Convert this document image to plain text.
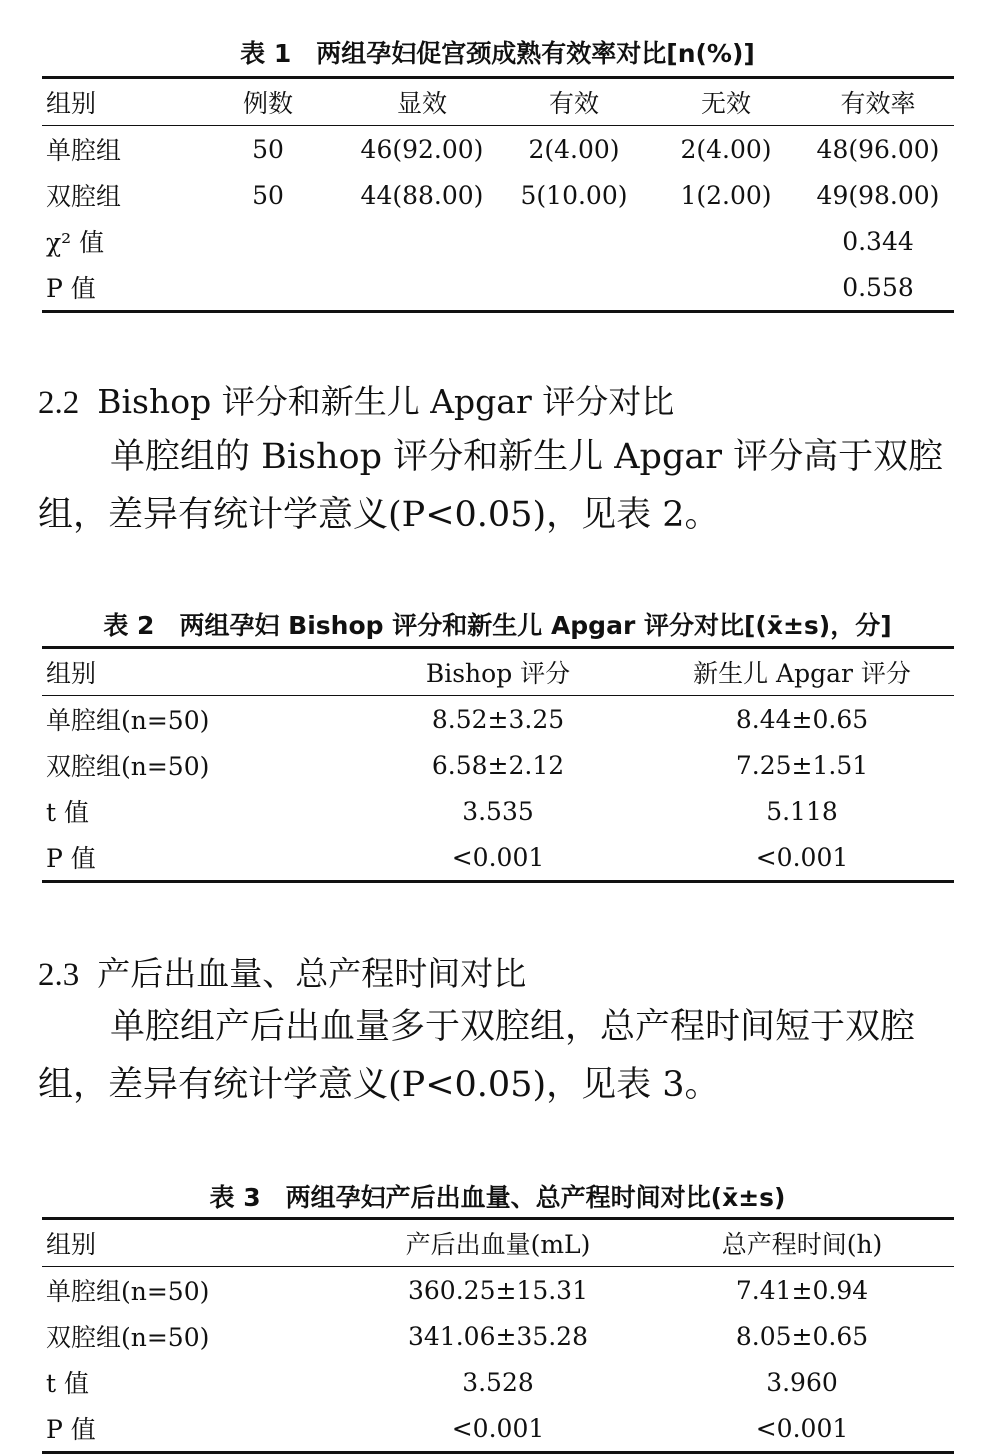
表 1　 两组孕妇促宫颈成熟有效率对比[n(%)]
组别	例数	显效	有效	无效	有效率
单腔组	50	46(92.00)	2(4.00)	2(4.00)	48(96.00)
双腔组	50	44(88.00)	5(10.00)	1(2.00)	49(98.00)
χ² 值					0.344
P 值					0.558
2.2 Bishop 评分和新生儿 Apgar 评分对比
单腔组的 Bishop 评分和新生儿 Apgar 评分高于双腔组，差异有统计学意义(P<0.05)，见表 2。
表 2　 两组孕妇 Bishop 评分和新生儿 Apgar 评分对比[(x̄±s)，分]
组别	Bishop 评分	新生儿 Apgar 评分
单腔组(n=50)	8.52±3.25	8.44±0.65
双腔组(n=50)	6.58±2.12	7.25±1.51
t 值	3.535	5.118
P 值	<0.001	<0.001
2.3 产后出血量、总产程时间对比
单腔组产后出血量多于双腔组，总产程时间短于双腔组，差异有统计学意义(P<0.05)，见表 3。
表 3　 两组孕妇产后出血量、总产程时间对比(x̄±s)
组别	产后出血量(mL)	总产程时间(h)
单腔组(n=50)	360.25±15.31	7.41±0.94
双腔组(n=50)	341.06±35.28	8.05±0.65
t 值	3.528	3.960
P 值	<0.001	<0.001
